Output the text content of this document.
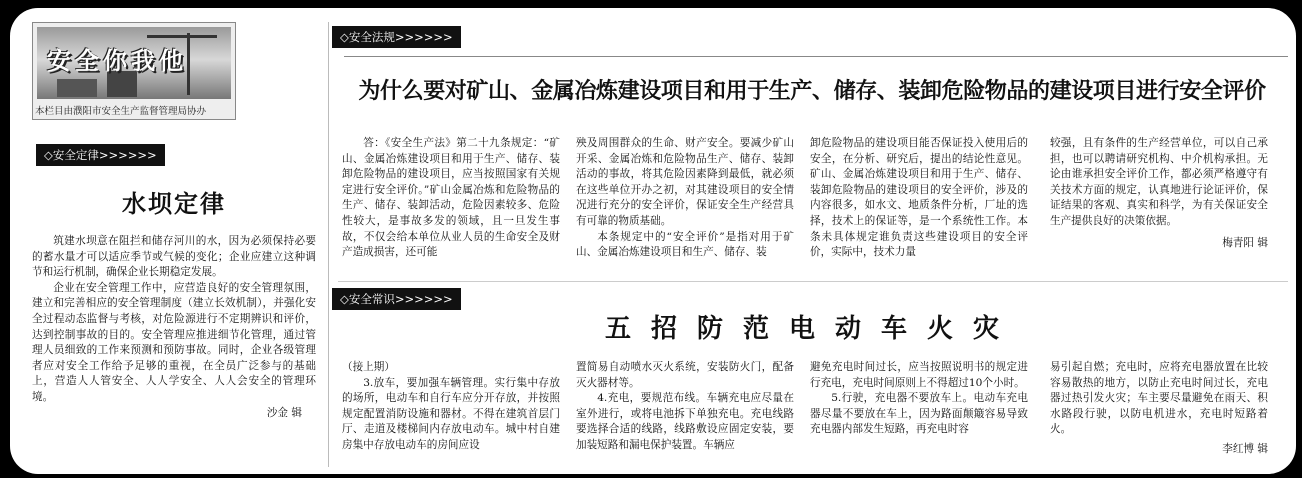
安全你我他
本栏目由濮阳市安全生产监督管理局协办
◇安全定律>>>>>>
水坝定律

筑建水坝意在阻拦和储存河川的水，因为必须保持必要的蓄水量才可以适应季节或气候的变化；企业应建立这种调节和运行机制，确保企业长期稳定发展。

企业在安全管理工作中，应营造良好的安全管理氛围，建立和完善相应的安全管理制度（建立长效机制），并强化安全过程动态监督与考核，对危险源进行不定期辨识和评价，达到控制事故的目的。安全管理应推进细节化管理，通过管理人员细致的工作来预测和预防事故。同时，企业各级管理者应对安全工作给予足够的重视，在全员广泛参与的基础上，营造人人管安全、人人学安全、人人会安全的管理环境。

沙金 辑
◇安全法规>>>>>>
为什么要对矿山、金属冶炼建设项目和用于生产、储存、装卸危险物品的建设项目进行安全评价

答：《安全生产法》第二十九条规定：“矿山、金属冶炼建设项目和用于生产、储存、装卸危险物品的建设项目，应当按照国家有关规定进行安全评价。”矿山金属冶炼和危险物品的生产、储存、装卸活动，危险因素较多、危险性较大，是事故多发的领域，且一旦发生事故，不仅会给本单位从业人员的生命安全及财产造成损害，还可能

殃及周围群众的生命、财产安全。要减少矿山开采、金属冶炼和危险物品生产、储存、装卸活动的事故，将其危险因素降到最低，就必须在这些单位开办之初，对其建设项目的安全情况进行充分的安全评价，保证安全生产经营具有可靠的物质基础。

本条规定中的“安全评价”是指对用于矿山、金属冶炼建设项目和生产、储存、装

卸危险物品的建设项目能否保证投入使用后的安全，在分析、研究后，提出的结论性意见。矿山、金属冶炼建设项目和用于生产、储存、装卸危险物品的建设项目的安全评价，涉及的内容很多，如水文、地质条件分析，厂址的选择，技术上的保证等，是一个系统性工作。本条未具体规定谁负责这些建设项目的安全评价，实际中，技术力量

较强，且有条件的生产经营单位，可以自己承担，也可以聘请研究机构、中介机构承担。无论由谁承担安全评价工作，都必须严格遵守有关技术方面的规定，认真地进行论证评价，保证结果的客观、真实和科学，为有关保证安全生产提供良好的决策依据。

梅青阳 辑
◇安全常识>>>>>>
五招防范电动车火灾

（接上期）

3.放车，要加强车辆管理。实行集中存放的场所，电动车和自行车应分开存放，并按照规定配置消防设施和器材。不得在建筑首层门厅、走道及楼梯间内存放电动车。城中村自建房集中存放电动车的房间应设

置简易自动喷水灭火系统，安装防火门，配备灭火器材等。

4.充电，要规范布线。车辆充电应尽量在室外进行，或将电池拆下单独充电。充电线路要选择合适的线路，线路敷设应固定安装，要加装短路和漏电保护装置。车辆应

避免充电时间过长，应当按照说明书的规定进行充电，充电时间原则上不得超过10个小时。

5.行驶，充电器不要放车上。电动车充电器尽量不要放在车上，因为路面颠簸容易导致充电器内部发生短路，再充电时容

易引起自燃；充电时，应将充电器放置在比较容易散热的地方，以防止充电时间过长，充电器过热引发火灾；车主要尽量避免在雨天、积水路段行驶，以防电机进水，充电时短路着火。

李红博 辑
